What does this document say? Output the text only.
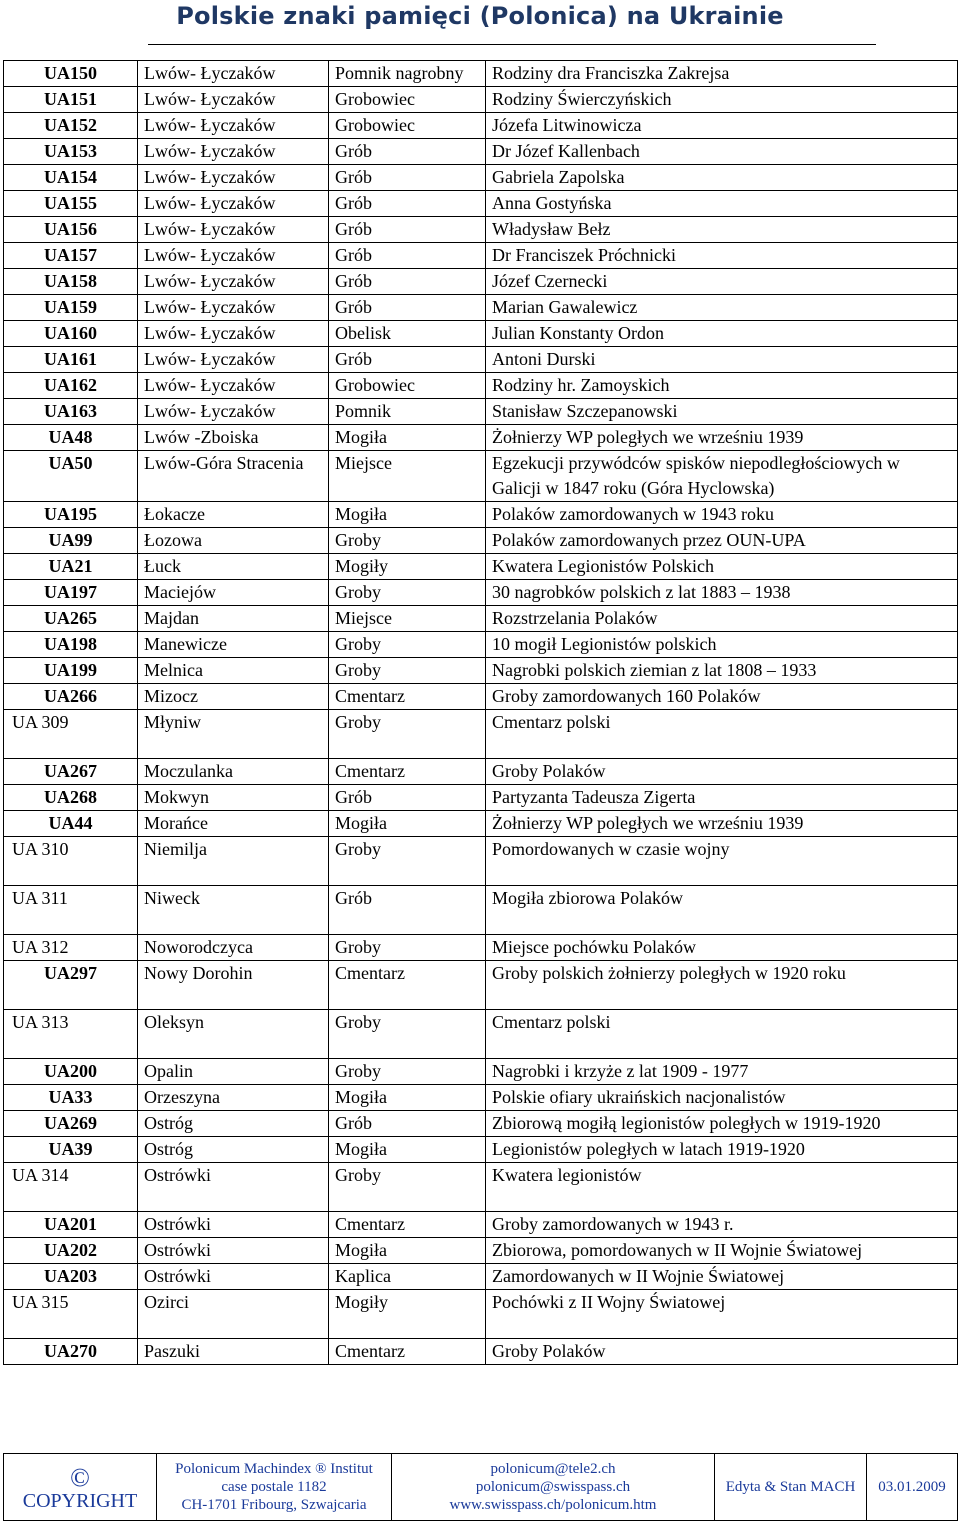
Polskie znaki pamięci (Polonica) na Ukrainie
UA150	Lwów- Łyczaków	Pomnik nagrobny	Rodziny dra Franciszka Zakrejsa
UA151	Lwów- Łyczaków	Grobowiec	Rodziny Świerczyńskich
UA152	Lwów- Łyczaków	Grobowiec	Józefa Litwinowicza
UA153	Lwów- Łyczaków	Grób	Dr Józef Kallenbach
UA154	Lwów- Łyczaków	Grób	Gabriela Zapolska
UA155	Lwów- Łyczaków	Grób	Anna Gostyńska
UA156	Lwów- Łyczaków	Grób	Władysław Bełz
UA157	Lwów- Łyczaków	Grób	Dr Franciszek Próchnicki
UA158	Lwów- Łyczaków	Grób	Józef Czernecki
UA159	Lwów- Łyczaków	Grób	Marian Gawalewicz
UA160	Lwów- Łyczaków	Obelisk	Julian Konstanty Ordon
UA161	Lwów- Łyczaków	Grób	Antoni Durski
UA162	Lwów- Łyczaków	Grobowiec	Rodziny hr. Zamoyskich
UA163	Lwów- Łyczaków	Pomnik	Stanisław Szczepanowski
UA48	Lwów -Zboiska	Mogiła	Żołnierzy WP poległych we wrześniu 1939
UA50	Lwów-Góra Stracenia	Miejsce	Egzekucji przywódców spisków niepodległościowych w Galicji w 1847 roku (Góra Hyclowska)
UA195	Łokacze	Mogiła	Polaków zamordowanych w 1943 roku
UA99	Łozowa	Groby	Polaków zamordowanych przez OUN-UPA
UA21	Łuck	Mogiły	Kwatera Legionistów Polskich
UA197	Maciejów	Groby	30 nagrobków polskich z lat 1883 – 1938
UA265	Majdan	Miejsce	Rozstrzelania Polaków
UA198	Manewicze	Groby	10 mogił Legionistów polskich
UA199	Melnica	Groby	Nagrobki polskich ziemian z lat 1808 – 1933
UA266	Mizocz	Cmentarz	Groby zamordowanych 160 Polaków
UA 309	Młyniw	Groby	Cmentarz polski
UA267	Moczulanka	Cmentarz	Groby Polaków
UA268	Mokwyn	Grób	Partyzanta Tadeusza Zigerta
UA44	Morańce	Mogiła	Żołnierzy WP poległych we wrześniu 1939
UA 310	Niemilja	Groby	Pomordowanych w czasie wojny
UA 311	Niweck	Grób	Mogiła zbiorowa Polaków
UA 312	Noworodczyca	Groby	Miejsce pochówku Polaków
UA297	Nowy Dorohin	Cmentarz	Groby polskich żołnierzy poległych w 1920 roku
UA 313	Oleksyn	Groby	Cmentarz polski
UA200	Opalin	Groby	Nagrobki i krzyże z lat 1909 - 1977
UA33	Orzeszyna	Mogiła	Polskie ofiary ukraińskich nacjonalistów
UA269	Ostróg	Grób	Zbiorową mogiłą legionistów poległych w 1919-1920
UA39	Ostróg	Mogiła	Legionistów poległych w latach 1919-1920
UA 314	Ostrówki	Groby	Kwatera legionistów
UA201	Ostrówki	Cmentarz	Groby zamordowanych w 1943 r.
UA202	Ostrówki	Mogiła	Zbiorowa, pomordowanych w II Wojnie Światowej
UA203	Ostrówki	Kaplica	Zamordowanych w II Wojnie Światowej
UA 315	Ozirci	Mogiły	Pochówki z II Wojny Światowej
UA270	Paszuki	Cmentarz	Groby Polaków
©
COPYRIGHT

Polonicum Machindex ® Institut
case postale 1182
CH-1701 Fribourg, Szwajcaria

polonicum@tele2.ch
polonicum@swisspass.ch
www.swisspass.ch/polonicum.htm

Edyta & Stan MACH	03.01.2009
